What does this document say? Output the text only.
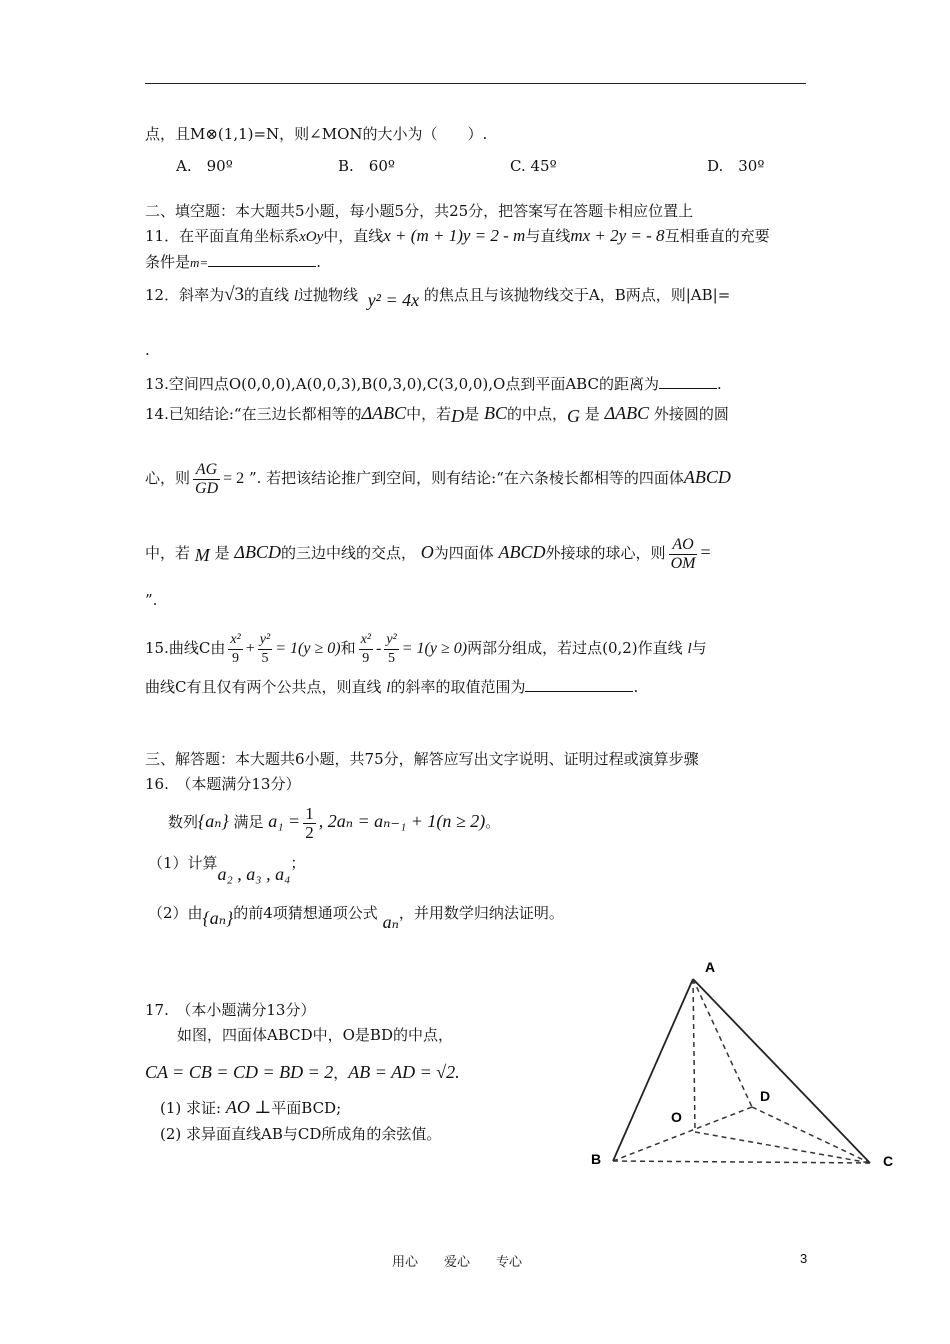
点，且M⊗(1,1)=N，则∠MON的大小为（　　）.
A.　90º	B.　60º	C. 45º	D.　30º
二、填空题：本大题共5小题，每小题5分，共25分，把答案写在答题卡相应位置上
11．在平面直角坐标系xOy中，直线x + (m + 1)y = 2 - m与直线mx + 2y = - 8互相垂直的充要
条件是m=	.
12．斜率为√3的直线 l过抛物线 y² = 4x 的焦点且与该抛物线交于A，B两点，则|AB|=
.
13.空间四点O(0,0,0),A(0,0,3),B(0,3,0),C(3,0,0),O点到平面ABC的距离为	.
14.已知结论:“在三边长都相等的ΔABC中，若D是 BC的中点，G 是 ΔABC 外接圆的圆
心，则 $\frac{AG}{GD} = 2$ ”. 若把该结论推广到空间，则有结论:“在六条棱长都相等的四面体ABCD
中，若 M 是 ΔBCD的三边中线的交点， O为四面体 ABCD外接球的球心，则 $\frac{AO}{OM}$ =
”.
15.曲线C由 $\frac{\text{x²}}{9} + \frac{\text{y²}}{5} = 1(y \ge 0)$和 $\frac{\text{x²}}{9} - \frac{\text{y²}}{5} = 1(y \ge 0)$两部分组成，若过点(0,2)作直线 l与
曲线C有且仅有两个公共点，则直线 l的斜率的取值范围为	.
三、解答题：本大题共6小题，共75分，解答应写出文字说明、证明过程或演算步骤
16.　（本题满分13分）
数列{aₙ} 满足 $a_1 = \frac{1}{2}$ , 2aₙ = aₙ₋₁ + 1(n ≥ 2)。
（1）计算a₂ , a₃ , a₄；
（2）由{aₙ}的前4项猜想通项公式 aₙ，并用数学归纳法证明。
17.　（本小题满分13分）
如图，四面体ABCD中，O是BD的中点，
CA = CB = CD = BD = 2，AB = AD = √2.
(1) 求证: AO ⊥平面BCD;
(2) 求异面直线AB与CD所成角的余弦值。
A
B	C
D
O
用心　　爱心　　专心	3
